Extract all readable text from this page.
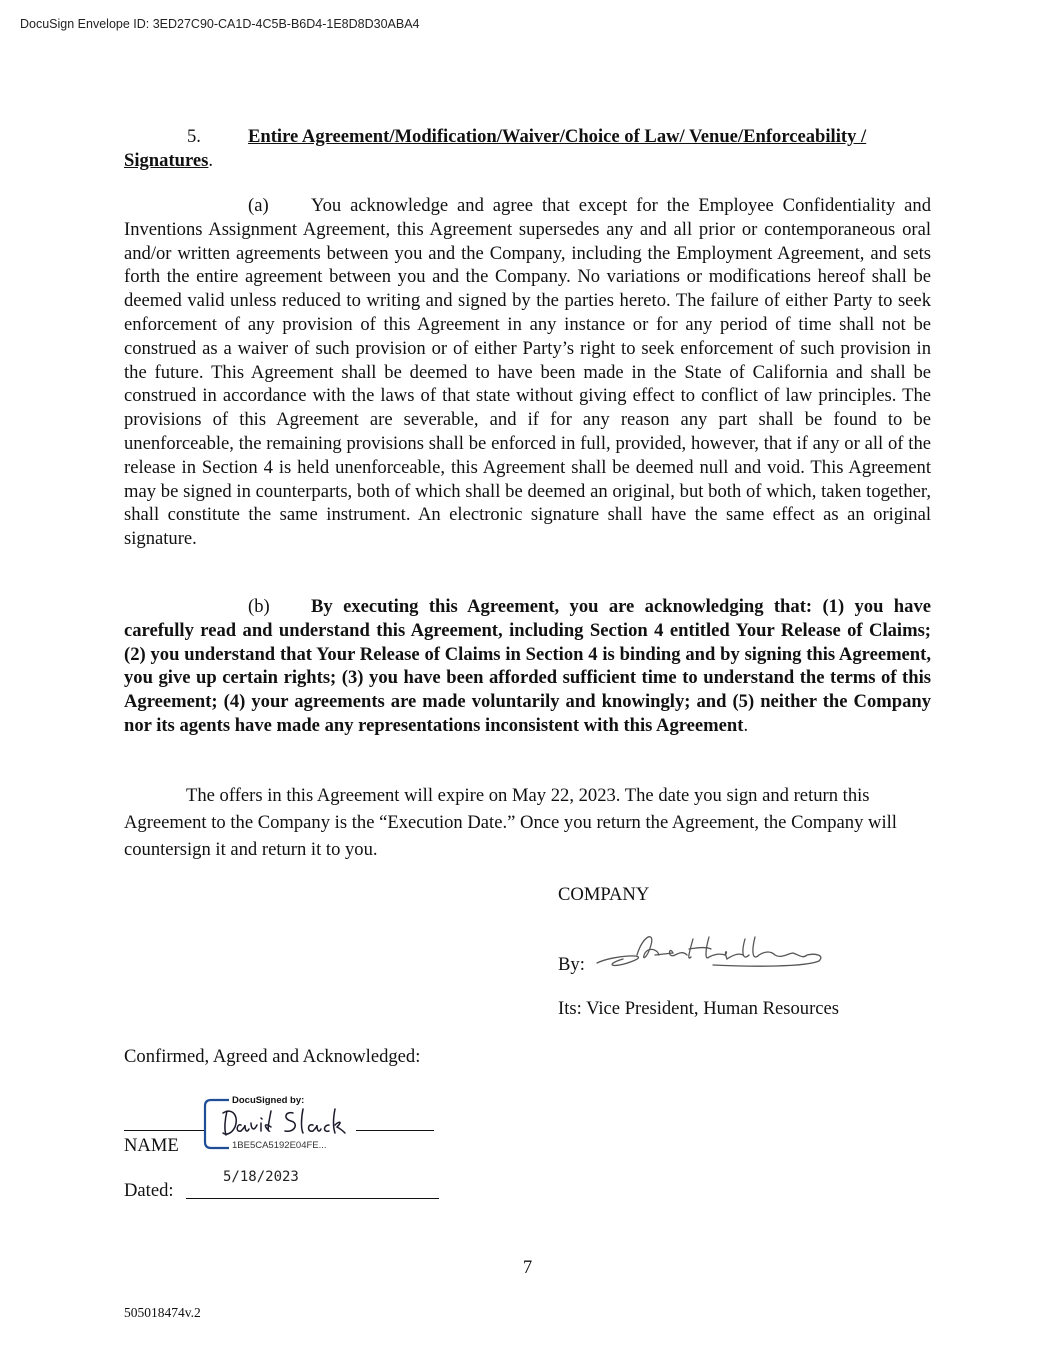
DocuSign Envelope ID: 3ED27C90-CA1D-4C5B-B6D4-1E8D8D30ABA4
5.	Entire Agreement/Modification/Waiver/Choice of Law/ Venue/Enforceability / Signatures.
(a) You acknowledge and agree that except for the Employee Confidentiality and Inventions Assignment Agreement, this Agreement supersedes any and all prior or contemporaneous oral and/or written agreements between you and the Company, including the Employment Agreement, and sets forth the entire agreement between you and the Company. No variations or modifications hereof shall be deemed valid unless reduced to writing and signed by the parties hereto. The failure of either Party to seek enforcement of any provision of this Agreement in any instance or for any period of time shall not be construed as a waiver of such provision or of either Party’s right to seek enforcement of such provision in the future. This Agreement shall be deemed to have been made in the State of California and shall be construed in accordance with the laws of that state without giving effect to conflict of law principles. The provisions of this Agreement are severable, and if for any reason any part shall be found to be unenforceable, the remaining provisions shall be enforced in full, provided, however, that if any or all of the release in Section 4 is held unenforceable, this Agreement shall be deemed null and void. This Agreement may be signed in counterparts, both of which shall be deemed an original, but both of which, taken together, shall constitute the same instrument. An electronic signature shall have the same effect as an original signature.
(b) By executing this Agreement, you are acknowledging that: (1) you have carefully read and understand this Agreement, including Section 4 entitled Your Release of Claims; (2) you understand that Your Release of Claims in Section 4 is binding and by signing this Agreement, you give up certain rights; (3) you have been afforded sufficient time to understand the terms of this Agreement; (4) your agreements are made voluntarily and knowingly; and (5) neither the Company nor its agents have made any representations inconsistent with this Agreement.
The offers in this Agreement will expire on May 22, 2023. The date you sign and return this Agreement to the Company is the “Execution Date.” Once you return the Agreement, the Company will countersign it and return it to you.
COMPANY
By:
Its: Vice President, Human Resources
Confirmed, Agreed and Acknowledged:
DocuSigned by:
1BE5CA5192E04FE...
NAME
5/18/2023
Dated:
7
505018474v.2
